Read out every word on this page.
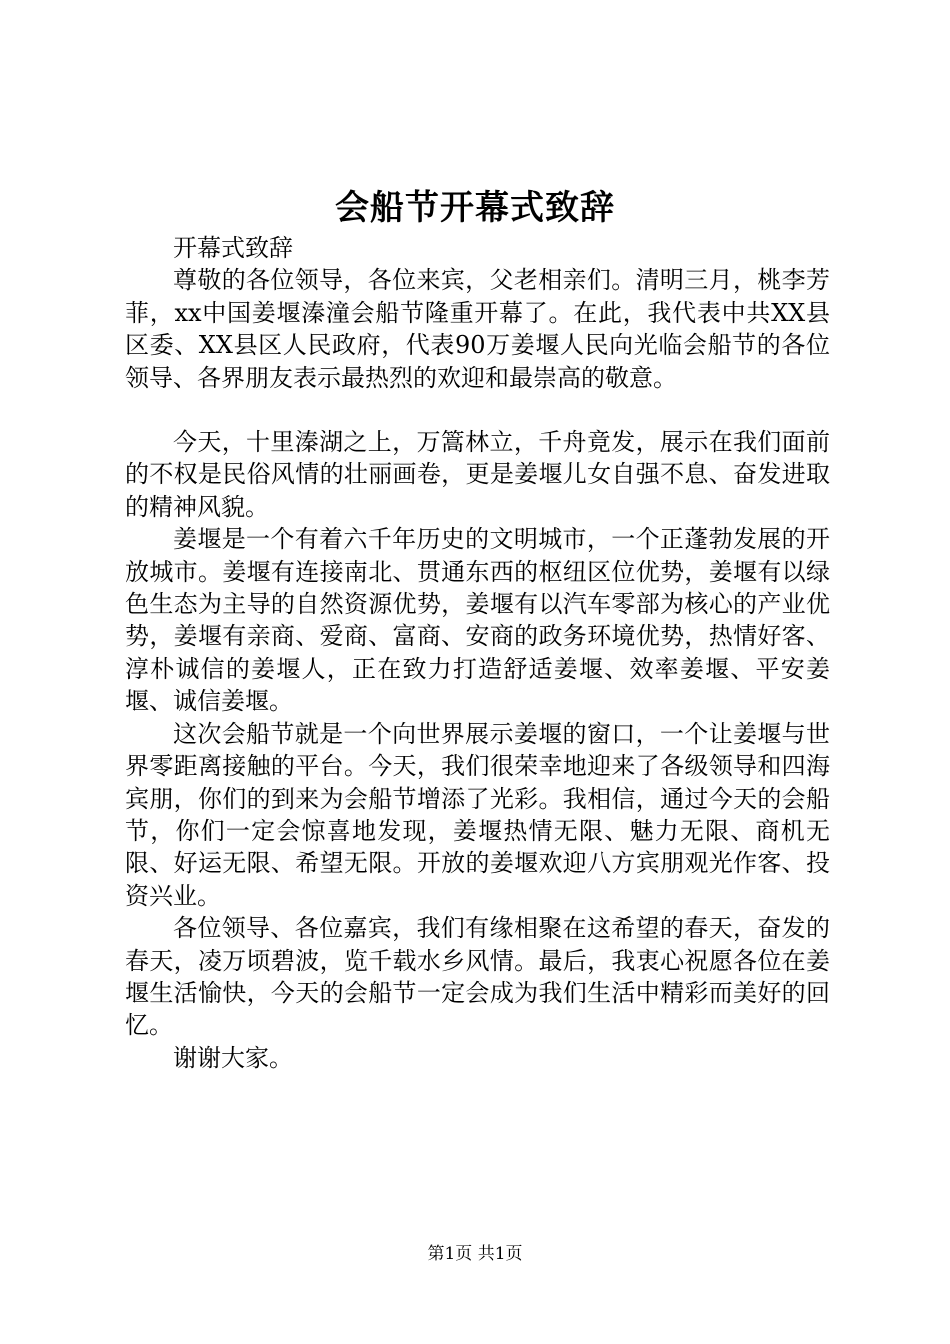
会船节开幕式致辞

开幕式致辞

尊敬的各位领导，各位来宾，父老相亲们。清明三月，桃李芳菲，xx中国姜堰溱潼会船节隆重开幕了。在此，我代表中共XX县区委、XX县区人民政府，代表90万姜堰人民向光临会船节的各位领导、各界朋友表示最热烈的欢迎和最崇高的敬意。

今天，十里溱湖之上，万篙林立，千舟竟发，展示在我们面前的不权是民俗风情的壮丽画卷，更是姜堰儿女自强不息、奋发进取的精神风貌。

姜堰是一个有着六千年历史的文明城市，一个正蓬勃发展的开放城市。姜堰有连接南北、贯通东西的枢纽区位优势，姜堰有以绿色生态为主导的自然资源优势，姜堰有以汽车零部为核心的产业优势，姜堰有亲商、爱商、富商、安商的政务环境优势，热情好客、淳朴诚信的姜堰人，正在致力打造舒适姜堰、效率姜堰、平安姜堰、诚信姜堰。

这次会船节就是一个向世界展示姜堰的窗口，一个让姜堰与世界零距离接触的平台。今天，我们很荣幸地迎来了各级领导和四海宾朋，你们的到来为会船节增添了光彩。我相信，通过今天的会船节，你们一定会惊喜地发现，姜堰热情无限、魅力无限、商机无限、好运无限、希望无限。开放的姜堰欢迎八方宾朋观光作客、投资兴业。

各位领导、各位嘉宾，我们有缘相聚在这希望的春天，奋发的春天，凌万顷碧波，览千载水乡风情。最后，我衷心祝愿各位在姜堰生活愉快，今天的会船节一定会成为我们生活中精彩而美好的回忆。

谢谢大家。

第1页 共1页
